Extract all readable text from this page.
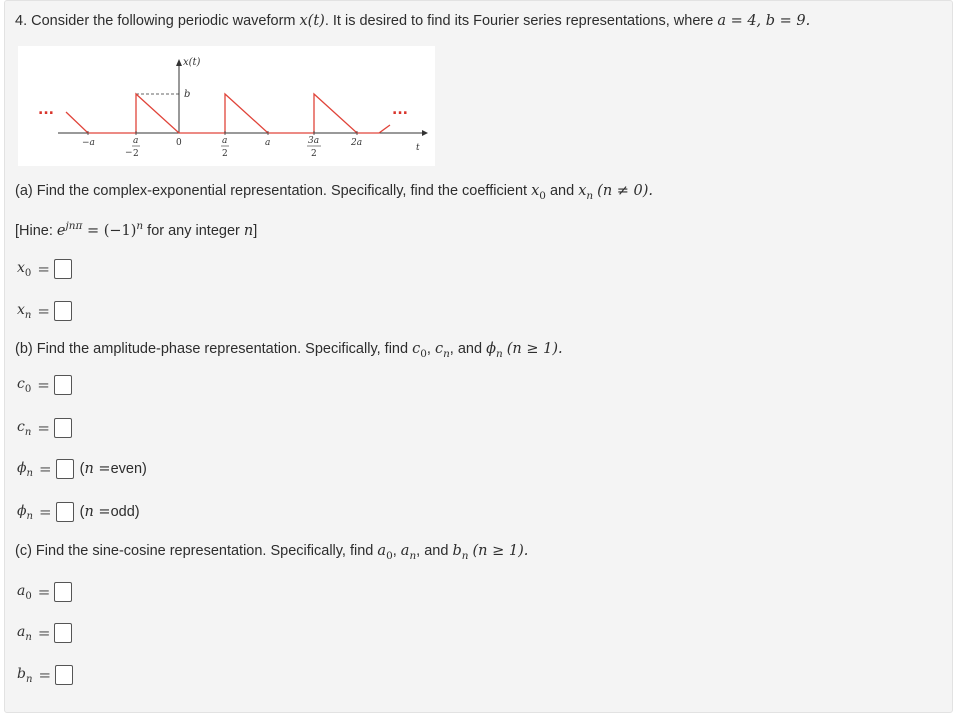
4. Consider the following periodic waveform x(t). It is desired to find its Fourier series representations, where a = 4, b = 9.
...	...
x(t)
b
t
−a
−
a
2
0	a
2
a	3a
2
2a
(a) Find the complex-exponential representation. Specifically, find the coefficient $x_0$ and $x_n$ (n ≠ 0).
[Hine: $e^{jn\pi} = (-1)^n$ for any integer n]
$x_0$ =
$x_n$ =
(b) Find the amplitude-phase representation. Specifically, find $c_0$, $c_n$, and $\phi_n$ (n ≥ 1).
$c_0$ =
$c_n$ =
$\phi_n = (n$ =even)
$\phi_n = (n =odd)$
(c) Find the sine-cosine representation. Specifically, find $a_0$, $a_n$, and $b_n$ (n ≥ 1).
$a_0$ =
$a_n$ =
$b_n$ =
